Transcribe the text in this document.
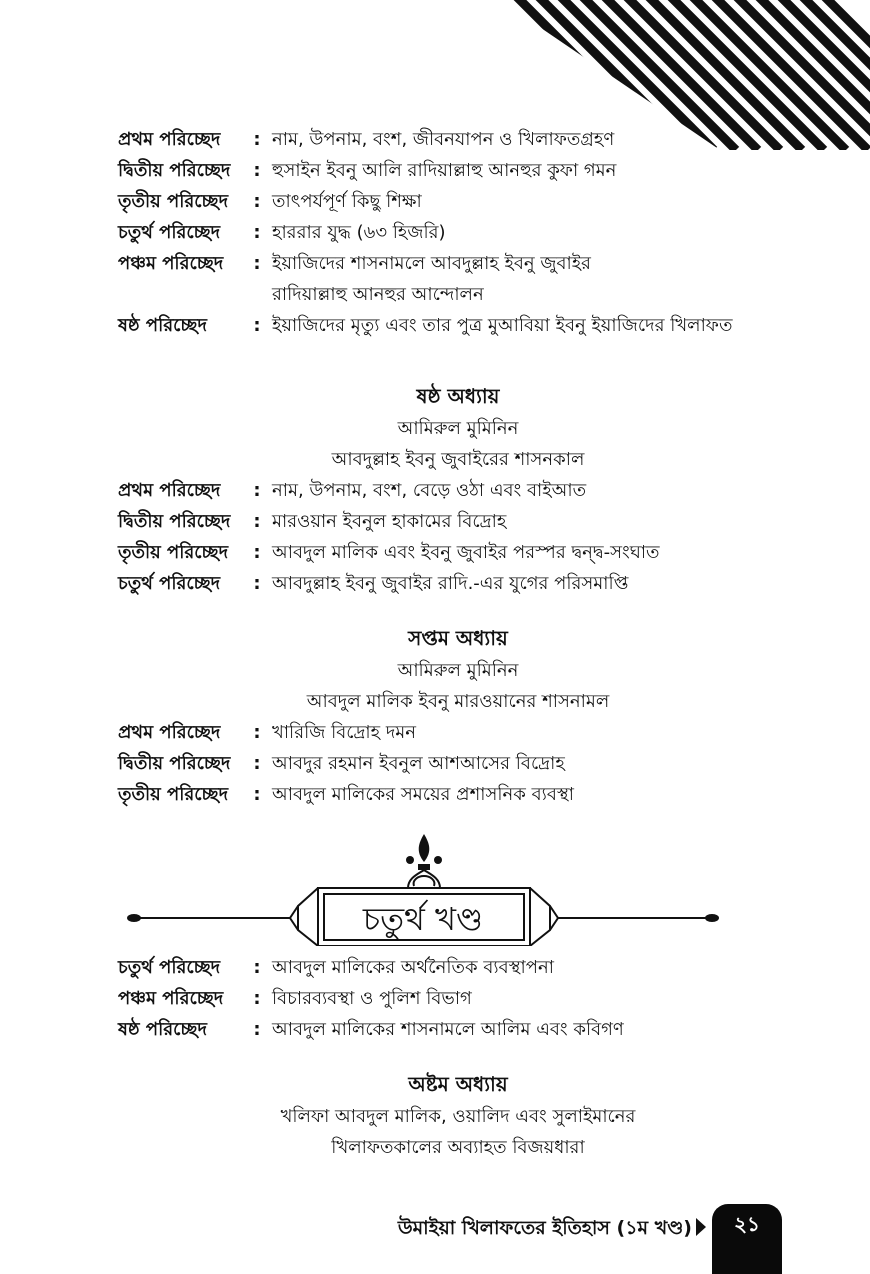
প্রথম পরিচ্ছেদ	: নাম, উপনাম, বংশ, জীবনযাপন ও খিলাফতগ্রহণ
দ্বিতীয় পরিচ্ছেদ	: হুসাইন ইবনু আলি রাদিয়াল্লাহু আনহুর কুফা গমন
তৃতীয় পরিচ্ছেদ	: তাৎপর্যপূর্ণ কিছু শিক্ষা
চতুর্থ পরিচ্ছেদ	: হাররার যুদ্ধ (৬৩ হিজরি)
পঞ্চম পরিচ্ছেদ	: ইয়াজিদের শাসনামলে আবদুল্লাহ ইবনু জুবাইর
রাদিয়াল্লাহু আনহুর আন্দোলন
ষষ্ঠ পরিচ্ছেদ	: ইয়াজিদের মৃত্যু এবং তার পুত্র মুআবিয়া ইবনু ইয়াজিদের খিলাফত
ষষ্ঠ অধ্যায়
আমিরুল মুমিনিন
আবদুল্লাহ ইবনু জুবাইরের শাসনকাল
প্রথম পরিচ্ছেদ	: নাম, উপনাম, বংশ, বেড়ে ওঠা এবং বাইআত
দ্বিতীয় পরিচ্ছেদ	: মারওয়ান ইবনুল হাকামের বিদ্রোহ
তৃতীয় পরিচ্ছেদ	: আবদুল মালিক এবং ইবনু জুবাইর পরস্পর দ্বন্দ্ব-সংঘাত
চতুর্থ পরিচ্ছেদ	: আবদুল্লাহ ইবনু জুবাইর রাদি.-এর যুগের পরিসমাপ্তি
সপ্তম অধ্যায়
আমিরুল মুমিনিন
আবদুল মালিক ইবনু মারওয়ানের শাসনামল
প্রথম পরিচ্ছেদ	: খারিজি বিদ্রোহ দমন
দ্বিতীয় পরিচ্ছেদ	: আবদুর রহমান ইবনুল আশআসের বিদ্রোহ
তৃতীয় পরিচ্ছেদ	: আবদুল মালিকের সময়ের প্রশাসনিক ব্যবস্থা
চতুর্থ খণ্ড
চতুর্থ পরিচ্ছেদ	: আবদুল মালিকের অর্থনৈতিক ব্যবস্থাপনা
পঞ্চম পরিচ্ছেদ	: বিচারব্যবস্থা ও পুলিশ বিভাগ
ষষ্ঠ পরিচ্ছেদ	: আবদুল মালিকের শাসনামলে আলিম এবং কবিগণ
অষ্টম অধ্যায়
খলিফা আবদুল মালিক, ওয়ালিদ এবং সুলাইমানের
খিলাফতকালের অব্যাহত বিজয়ধারা
উমাইয়া খিলাফতের ইতিহাস (১ম খণ্ড)	২১
